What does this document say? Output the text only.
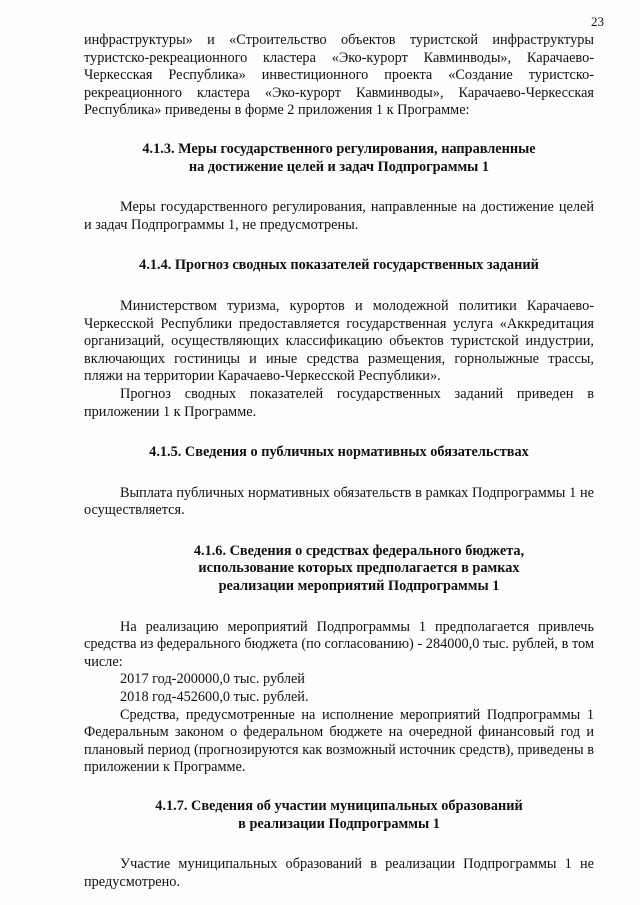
23

инфраструктуры» и «Строительство объектов туристской инфраструктуры туристско-рекреационного кластера «Эко-курорт Кавминводы», Карачаево-Черкесская Республика» инвестиционного проекта «Создание туристско-рекреационного кластера «Эко-курорт Кавминводы», Карачаево-Черкесская Республика» приведены в форме 2 приложения 1 к Программе:

4.1.3. Меры государственного регулирования, направленные
на достижение целей и задач Подпрограммы 1

Меры государственного регулирования, направленные на достижение целей и задач Подпрограммы 1, не предусмотрены.

4.1.4. Прогноз сводных показателей государственных заданий

Министерством туризма, курортов и молодежной политики Карачаево-Черкесской Республики предоставляется государственная услуга «Аккредитация организаций, осуществляющих классификацию объектов туристской индустрии, включающих гостиницы и иные средства размещения, горнолыжные трассы, пляжи на территории Карачаево-Черкесской Республики».

Прогноз сводных показателей государственных заданий приведен в приложении 1 к Программе.

4.1.5. Сведения о публичных нормативных обязательствах

Выплата публичных нормативных обязательств в рамках Подпрограммы 1 не осуществляется.

4.1.6. Сведения о средствах федерального бюджета,
использование которых предполагается в рамках
реализации мероприятий Подпрограммы 1

На реализацию мероприятий Подпрограммы 1 предполагается привлечь средства из федерального бюджета (по согласованию) - 284000,0 тыс. рублей, в том числе:

2017 год-200000,0 тыс. рублей

2018 год-452600,0 тыс. рублей.

Средства, предусмотренные на исполнение мероприятий Подпрограммы 1 Федеральным законом о федеральном бюджете на очередной финансовый год и плановый период (прогнозируются как возможный источник средств), приведены в приложении к Программе.

4.1.7. Сведения об участии муниципальных образований
в реализации Подпрограммы 1

Участие муниципальных образований в реализации Подпрограммы 1 не предусмотрено.
